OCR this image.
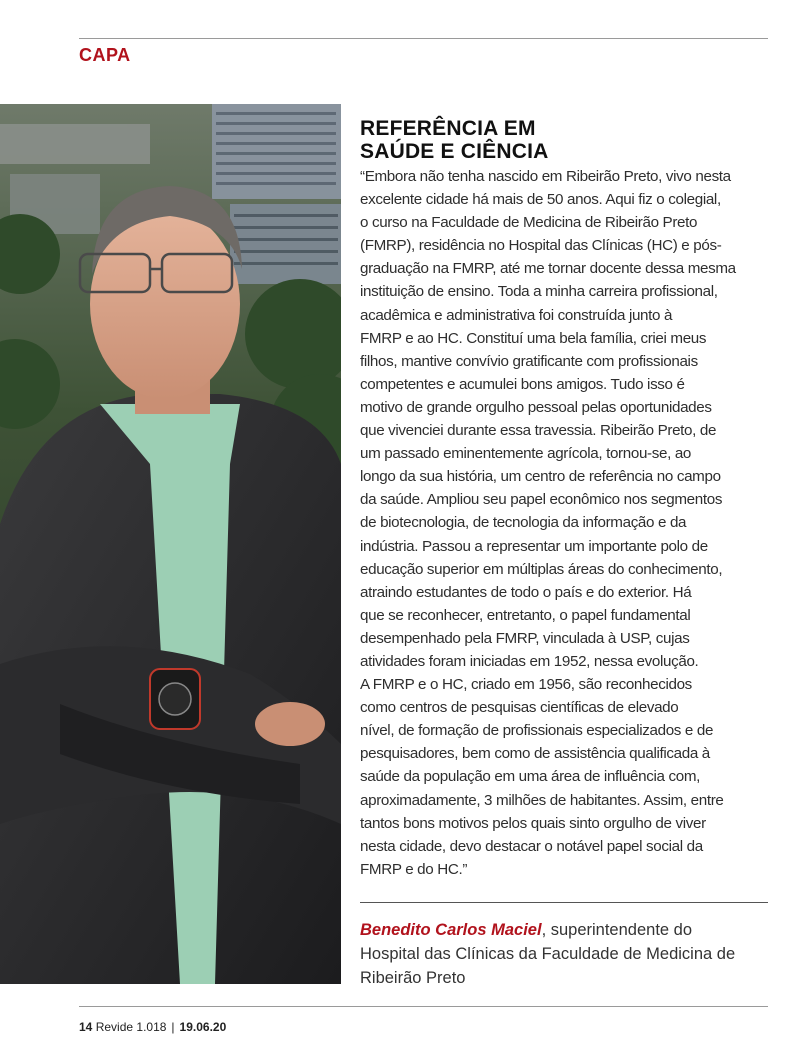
CAPA
REFERÊNCIA EM
SAÚDE E CIÊNCIA

“Embora não tenha nascido em Ribeirão Preto, vivo nesta
excelente cidade há mais de 50 anos. Aqui fiz o colegial,
o curso na Faculdade de Medicina de Ribeirão Preto
(FMRP), residência no Hospital das Clínicas (HC) e pós-
graduação na FMRP, até me tornar docente dessa mesma
instituição de ensino. Toda a minha carreira profissional,
acadêmica e administrativa foi construída junto à
FMRP e ao HC. Constituí uma bela família, criei meus
filhos, mantive convívio gratificante com profissionais
competentes e acumulei bons amigos. Tudo isso é
motivo de grande orgulho pessoal pelas oportunidades
que vivenciei durante essa travessia. Ribeirão Preto, de
um passado eminentemente agrícola, tornou-se, ao
longo da sua história, um centro de referência no campo
da saúde. Ampliou seu papel econômico nos segmentos
de biotecnologia, de tecnologia da informação e da
indústria. Passou a representar um importante polo de
educação superior em múltiplas áreas do conhecimento,
atraindo estudantes de todo o país e do exterior. Há
que se reconhecer, entretanto, o papel fundamental
desempenhado pela FMRP, vinculada à USP, cujas
atividades foram iniciadas em 1952, nessa evolução.
A FMRP e o HC, criado em 1956, são reconhecidos
como centros de pesquisas científicas de elevado
nível, de formação de profissionais especializados e de
pesquisadores, bem como de assistência qualificada à
saúde da população em uma área de influência com,
aproximadamente, 3 milhões de habitantes. Assim, entre
tantos bons motivos pelos quais sinto orgulho de viver
nesta cidade, devo destacar o notável papel social da
FMRP e do HC.”

Benedito Carlos Maciel, superintendente do
Hospital das Clínicas da Faculdade de Medicina de
Ribeirão Preto

14 Revide 1.018 | 19.06.20
